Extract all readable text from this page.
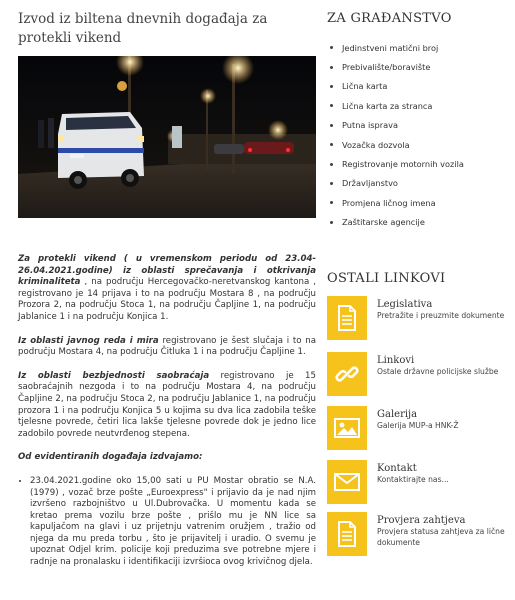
Izvod iz biltena dnevnih događaja za protekli vikend

Za protekli vikend ( u vremenskom periodu od 23.04-26.04.2021.godine) iz oblasti sprečavanja i otkrivanja kriminaliteta , na području Hercegovačko-neretvanskog kantona , registrovano je 14 prijava i to na području Mostara 8 , na području Prozora 2, na području Stoca 1, na području Čapljine 1, na području Jablanice 1 i na području Konjica 1.

Iz oblasti javnog reda i mira registrovano je šest slučaja i to na području Mostara 4, na području Čitluka 1 i na području Čapljine 1.

Iz oblasti bezbjednosti saobraćaja registrovano je 15 saobraćajnih nezgoda i to na području Mostara 4, na području Čapljine 2, na području Stoca 2, na području Jablanice 1, na području prozora 1 i na području Konjica 5 u kojima su dva lica zadobila teške tjelesne povrede, četiri lica lakše tjelesne povrede dok je jedno lice zadobilo povrede neutvrđenog stepena.

Od evidentiranih događaja izdvajamo:

• 23.04.2021.godine oko 15,00 sati u PU Mostar obratio se N.A. (1979) , vozač brze pošte „Euroexpress" i prijavio da je nad njim izvršeno razbojništvo u Ul.Dubrovačka. U momentu kada se kretao prema vozilu brze pošte , prišlo mu je NN lice sa kapuljačom na glavi i uz prijetnju vatrenim oružjem , tražio od njega da mu preda torbu , što je prijavitelj i uradio. O svemu je upoznat Odjel krim. policije koji preduzima sve potrebne mjere i radnje na pronalasku i identifikaciji izvršioca ovog krivičnog djela.
ZA GRAĐANSTVO
Jedinstveni matični broj
Prebivalište/boravište
Lična karta
Lična karta za stranca
Putna isprava
Vozačka dozvola
Registrovanje motornih vozila
Državljanstvo
Promjena ličnog imena
Zaštitarske agencije
OSTALI LINKOVI
Legislativa
Pretražite i preuzmite dokumente
Linkovi
Ostale državne policijske službe
Galerija
Galerija MUP-a HNK-Ž
Kontakt
Kontaktirajte nas...
Provjera zahtjeva
Provjera statusa zahtjeva za lične dokumente
